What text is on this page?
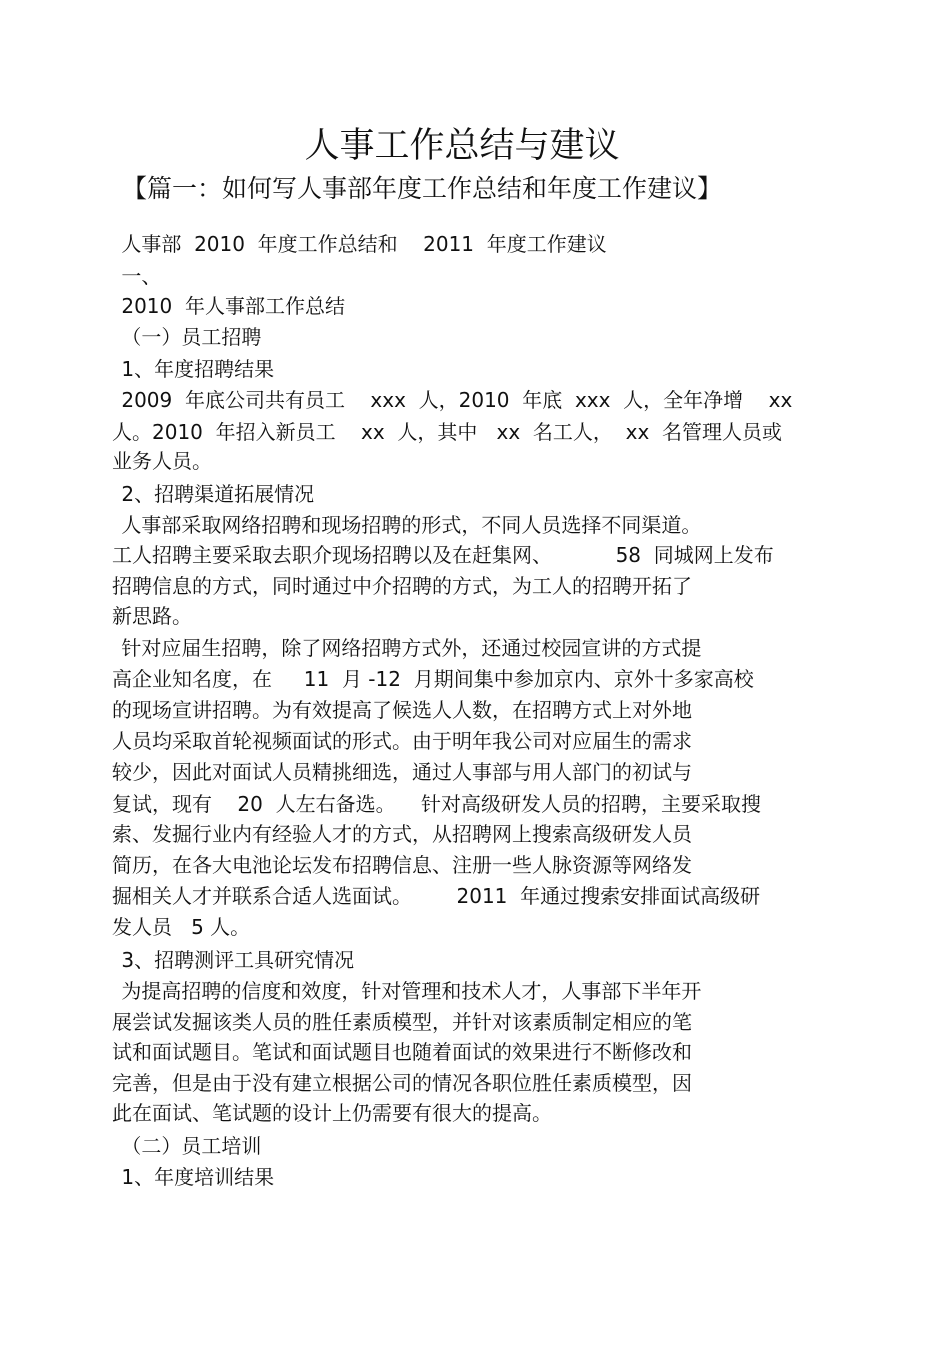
人事工作总结与建议
【篇一：如何写人事部年度工作总结和年度工作建议】
人事部  2010  年度工作总结和    2011  年度工作建议
一、
2010  年人事部工作总结
（一）员工招聘
1、年度招聘结果
2009  年底公司共有员工    xxx  人，2010  年底  xxx  人，全年净增    xx
人。2010  年招入新员工    xx  人，其中   xx  名工人，  xx  名管理人员或
业务人员。
2、招聘渠道拓展情况
人事部采取网络招聘和现场招聘的形式，不同人员选择不同渠道。
工人招聘主要采取去职介现场招聘以及在赶集网、          58  同城网上发布
招聘信息的方式，同时通过中介招聘的方式，为工人的招聘开拓了
新思路。
针对应届生招聘，除了网络招聘方式外，还通过校园宣讲的方式提
高企业知名度，在     11  月 -12  月期间集中参加京内、京外十多家高校
的现场宣讲招聘。为有效提高了候选人人数，在招聘方式上对外地
人员均采取首轮视频面试的形式。由于明年我公司对应届生的需求
较少，因此对面试人员精挑细选，通过人事部与用人部门的初试与
复试，现有    20  人左右备选。    针对高级研发人员的招聘，主要采取搜
索、发掘行业内有经验人才的方式，从招聘网上搜索高级研发人员
简历，在各大电池论坛发布招聘信息、注册一些人脉资源等网络发
掘相关人才并联系合适人选面试。       2011  年通过搜索安排面试高级研
发人员   5 人。
3、招聘测评工具研究情况
为提高招聘的信度和效度，针对管理和技术人才，人事部下半年开
展尝试发掘该类人员的胜任素质模型，并针对该素质制定相应的笔
试和面试题目。笔试和面试题目也随着面试的效果进行不断修改和
完善，但是由于没有建立根据公司的情况各职位胜任素质模型，因
此在面试、笔试题的设计上仍需要有很大的提高。
（二）员工培训
1、年度培训结果
